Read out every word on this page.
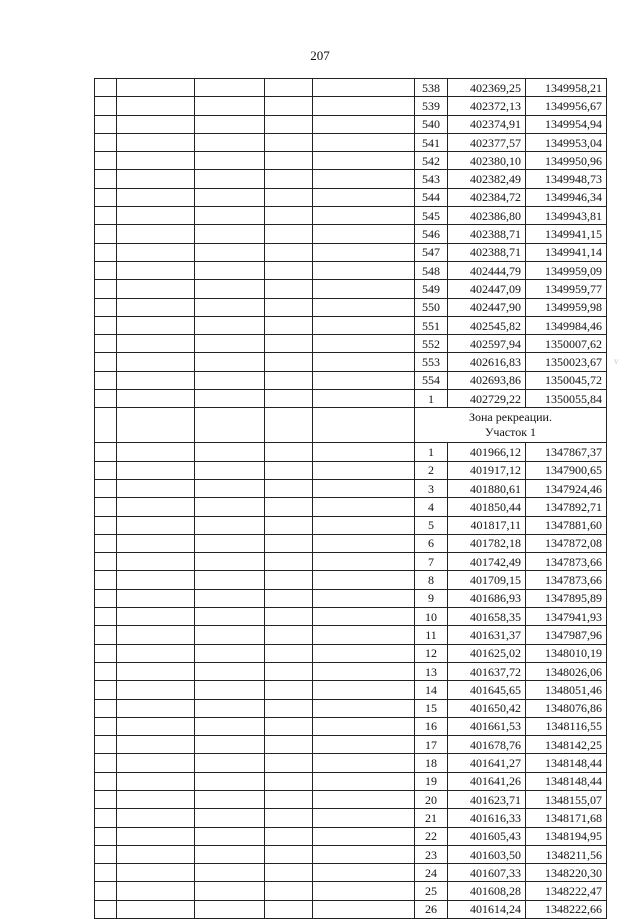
207
					538	402369,25	1349958,21
					539	402372,13	1349956,67
					540	402374,91	1349954,94
					541	402377,57	1349953,04
					542	402380,10	1349950,96
					543	402382,49	1349948,73
					544	402384,72	1349946,34
					545	402386,80	1349943,81
					546	402388,71	1349941,15
					547	402388,71	1349941,14
					548	402444,79	1349959,09
					549	402447,09	1349959,77
					550	402447,90	1349959,98
					551	402545,82	1349984,46
					552	402597,94	1350007,62
					553	402616,83	1350023,67
					554	402693,86	1350045,72
					1	402729,22	1350055,84

					Зона рекреации.
Участок 1		

					1	401966,12	1347867,37
					2	401917,12	1347900,65
					3	401880,61	1347924,46
					4	401850,44	1347892,71
					5	401817,11	1347881,60
					6	401782,18	1347872,08
					7	401742,49	1347873,66
					8	401709,15	1347873,66
					9	401686,93	1347895,89
					10	401658,35	1347941,93
					11	401631,37	1347987,96
					12	401625,02	1348010,19
					13	401637,72	1348026,06
					14	401645,65	1348051,46
					15	401650,42	1348076,86
					16	401661,53	1348116,55
					17	401678,76	1348142,25
					18	401641,27	1348148,44
					19	401641,26	1348148,44
					20	401623,71	1348155,07
					21	401616,33	1348171,68
					22	401605,43	1348194,95
					23	401603,50	1348211,56
					24	401607,33	1348220,30
					25	401608,28	1348222,47
					26	401614,24	1348222,66
v
